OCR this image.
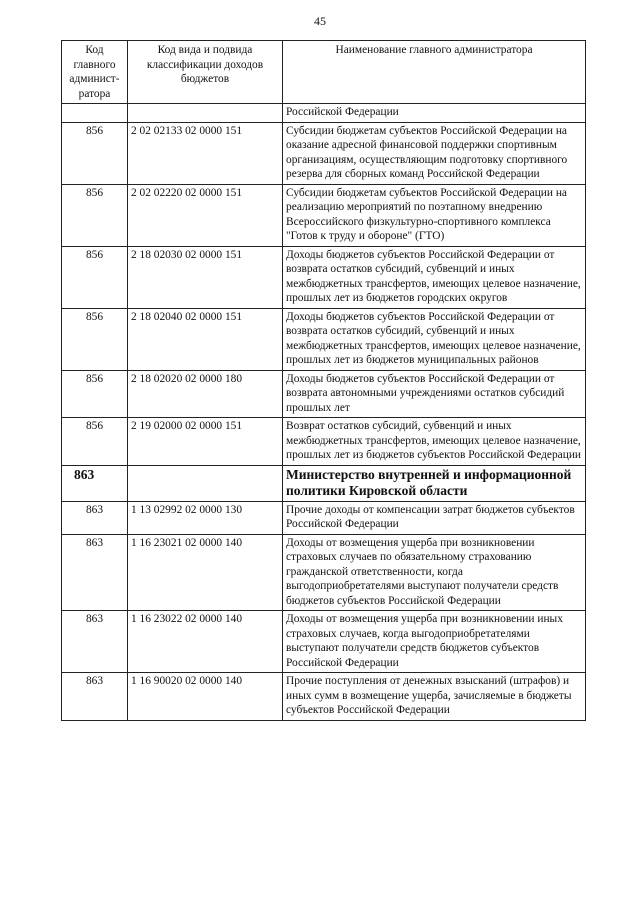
45
Код главного админист-ратора	Код вида и подвида классификации доходов бюджетов	Наименование главного администратора
		Российской Федерации
856	2 02 02133 02 0000 151	Субсидии бюджетам субъектов Российской Федерации на оказание адресной финансовой поддержки спортивным организациям, осуществляющим подготовку спортивного резерва для сборных команд Российской Федерации
856	2 02 02220 02 0000 151	Субсидии бюджетам субъектов Российской Федерации на реализацию мероприятий по поэтапному внедрению Всероссийского физкультурно-спортивного комплекса "Готов к труду и обороне" (ГТО)
856	2 18 02030 02 0000 151	Доходы бюджетов субъектов Российской Федерации от возврата остатков субсидий, субвенций и иных межбюджетных трансфертов, имеющих целевое назначение, прошлых лет из бюджетов городских округов
856	2 18 02040 02 0000 151	Доходы бюджетов субъектов Российской Федерации от возврата остатков субсидий, субвенций и иных межбюджетных трансфертов, имеющих целевое назначение, прошлых лет из бюджетов муниципальных районов
856	2 18 02020 02 0000 180	Доходы бюджетов субъектов Российской Федерации от возврата автономными учреждениями остатков субсидий прошлых лет
856	2 19 02000 02 0000 151	Возврат остатков субсидий, субвенций и иных межбюджетных трансфертов, имеющих целевое назначение, прошлых лет из бюджетов субъектов Российской Федерации
863		Министерство внутренней и информационной политики Кировской области
863	1 13 02992 02 0000 130	Прочие доходы от компенсации затрат бюджетов субъектов Российской Федерации
863	1 16 23021 02 0000 140	Доходы от возмещения ущерба при возникновении страховых случаев по обязательному страхованию гражданской ответственности, когда выгодоприобретателями выступают получатели средств бюджетов субъектов Российской Федерации
863	1 16 23022 02 0000 140	Доходы от возмещения ущерба при возникновении иных страховых случаев, когда выгодоприобретателями выступают получатели средств бюджетов субъектов Российской Федерации
863	1 16 90020 02 0000 140	Прочие поступления от денежных взысканий (штрафов) и иных сумм в возмещение ущерба, зачисляемые в бюджеты субъектов Российской Федерации
